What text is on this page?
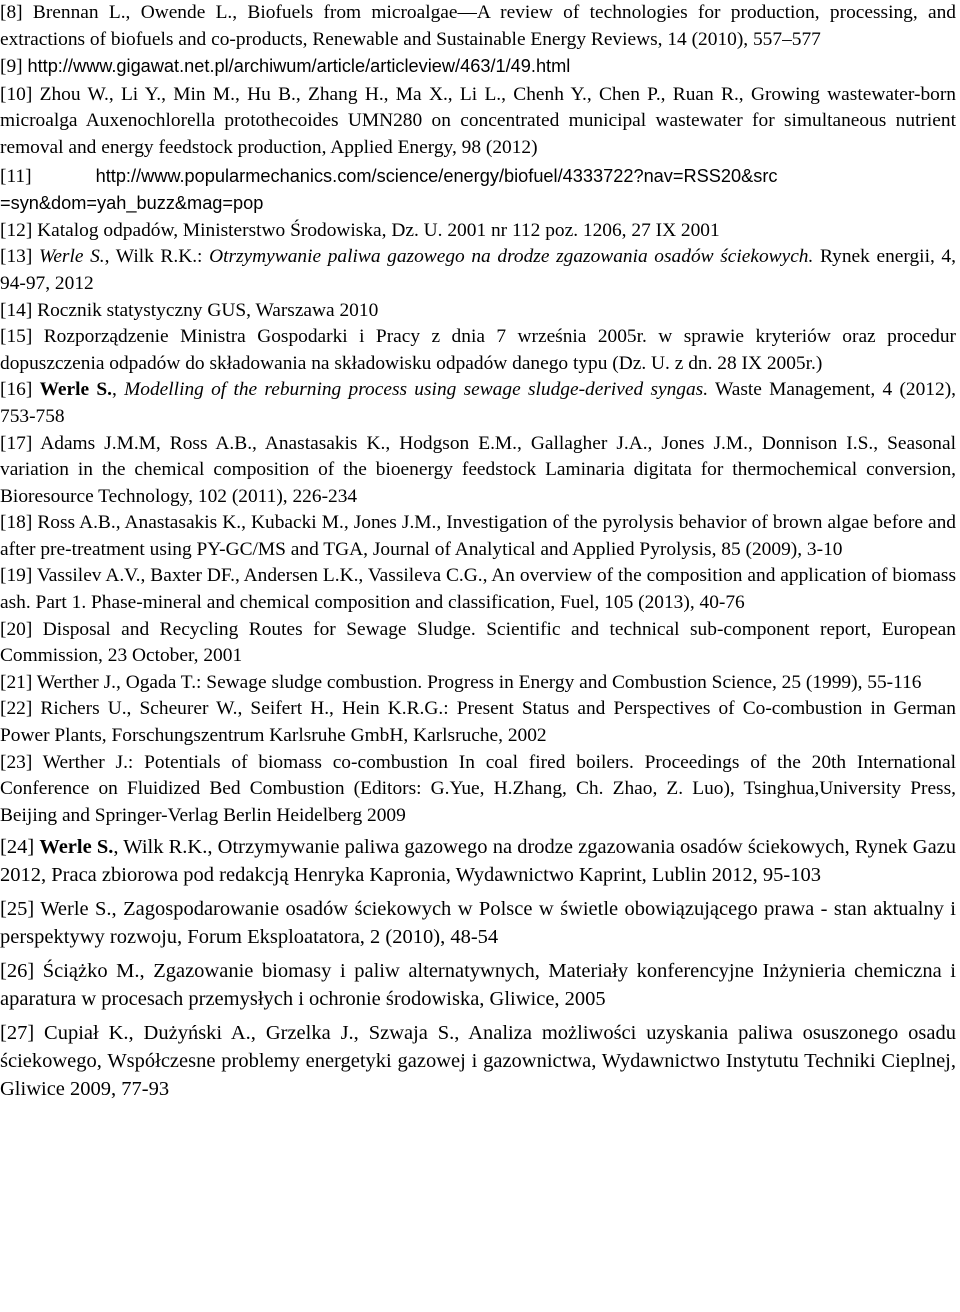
[8] Brennan L., Owende L., Biofuels from microalgae—A review of technologies for production, processing, and extractions of biofuels and co-products, Renewable and Sustainable Energy Reviews, 14 (2010), 557–577
[9] http://www.gigawat.net.pl/archiwum/article/articleview/463/1/49.html
[10] Zhou W., Li Y., Min M., Hu B., Zhang H., Ma X., Li L., Chenh Y., Chen P., Ruan R., Growing wastewater-born microalga Auxenochlorella protothecoides UMN280 on concentrated municipal wastewater for simultaneous nutrient removal and energy feedstock production, Applied Energy, 98 (2012)
[11]	http://www.popularmechanics.com/science/energy/biofuel/4333722?nav=RSS20&src =syn&dom=yah_buzz&mag=pop
[12] Katalog odpadów, Ministerstwo Środowiska, Dz. U. 2001 nr 112 poz. 1206, 27 IX 2001
[13] Werle S., Wilk R.K.: Otrzymywanie paliwa gazowego na drodze zgazowania osadów ściekowych. Rynek energii, 4, 94-97, 2012
[14] Rocznik statystyczny GUS, Warszawa 2010
[15] Rozporządzenie Ministra Gospodarki i Pracy z dnia 7 września 2005r. w sprawie kryteriów oraz procedur dopuszczenia odpadów do składowania na składowisku odpadów danego typu (Dz. U. z dn. 28 IX 2005r.)
[16] Werle S., Modelling of the reburning process using sewage sludge-derived syngas. Waste Management, 4 (2012), 753-758
[17] Adams J.M.M, Ross A.B., Anastasakis K., Hodgson E.M., Gallagher J.A., Jones J.M., Donnison I.S., Seasonal variation in the chemical composition of the bioenergy feedstock Laminaria digitata for thermochemical conversion, Bioresource Technology, 102 (2011), 226-234
[18] Ross A.B., Anastasakis K., Kubacki M., Jones J.M., Investigation of the pyrolysis behavior of brown algae before and after pre-treatment using PY-GC/MS and TGA, Journal of Analytical and Applied Pyrolysis, 85 (2009), 3-10
[19] Vassilev A.V., Baxter DF., Andersen L.K., Vassileva C.G., An overview of the composition and application of biomass ash. Part 1. Phase-mineral and chemical composition and classification, Fuel, 105 (2013), 40-76
[20] Disposal and Recycling Routes for Sewage Sludge. Scientific and technical sub-component report, European Commission, 23 October, 2001
[21] Werther J., Ogada T.: Sewage sludge combustion. Progress in Energy and Combustion Science, 25 (1999), 55-116
[22] Richers U., Scheurer W., Seifert H., Hein K.R.G.: Present Status and Perspectives of Co-combustion in German Power Plants, Forschungszentrum Karlsruhe GmbH, Karlsruche, 2002
[23] Werther J.: Potentials of biomass co-combustion In coal fired boilers. Proceedings of the 20th International Conference on Fluidized Bed Combustion (Editors: G.Yue, H.Zhang, Ch. Zhao, Z. Luo), Tsinghua,University Press, Beijing and Springer-Verlag Berlin Heidelberg 2009
[24] Werle S., Wilk R.K., Otrzymywanie paliwa gazowego na drodze zgazowania osadów ściekowych, Rynek Gazu 2012, Praca zbiorowa pod redakcją Henryka Kapronia, Wydawnictwo Kaprint, Lublin 2012, 95-103
[25] Werle S., Zagospodarowanie osadów ściekowych w Polsce w świetle obowiązującego prawa - stan aktualny i perspektywy rozwoju, Forum Eksploatatora, 2 (2010), 48-54
[26] Ściążko M., Zgazowanie biomasy i paliw alternatywnych, Materiały konferencyjne Inżynieria chemiczna i aparatura w procesach przemysłych i ochronie środowiska, Gliwice, 2005
[27] Cupiał K., Dużyński A., Grzelka J., Szwaja S., Analiza możliwości uzyskania paliwa osuszonego osadu ściekowego, Współczesne problemy energetyki gazowej i gazownictwa, Wydawnictwo Instytutu Techniki Cieplnej, Gliwice 2009, 77-93
